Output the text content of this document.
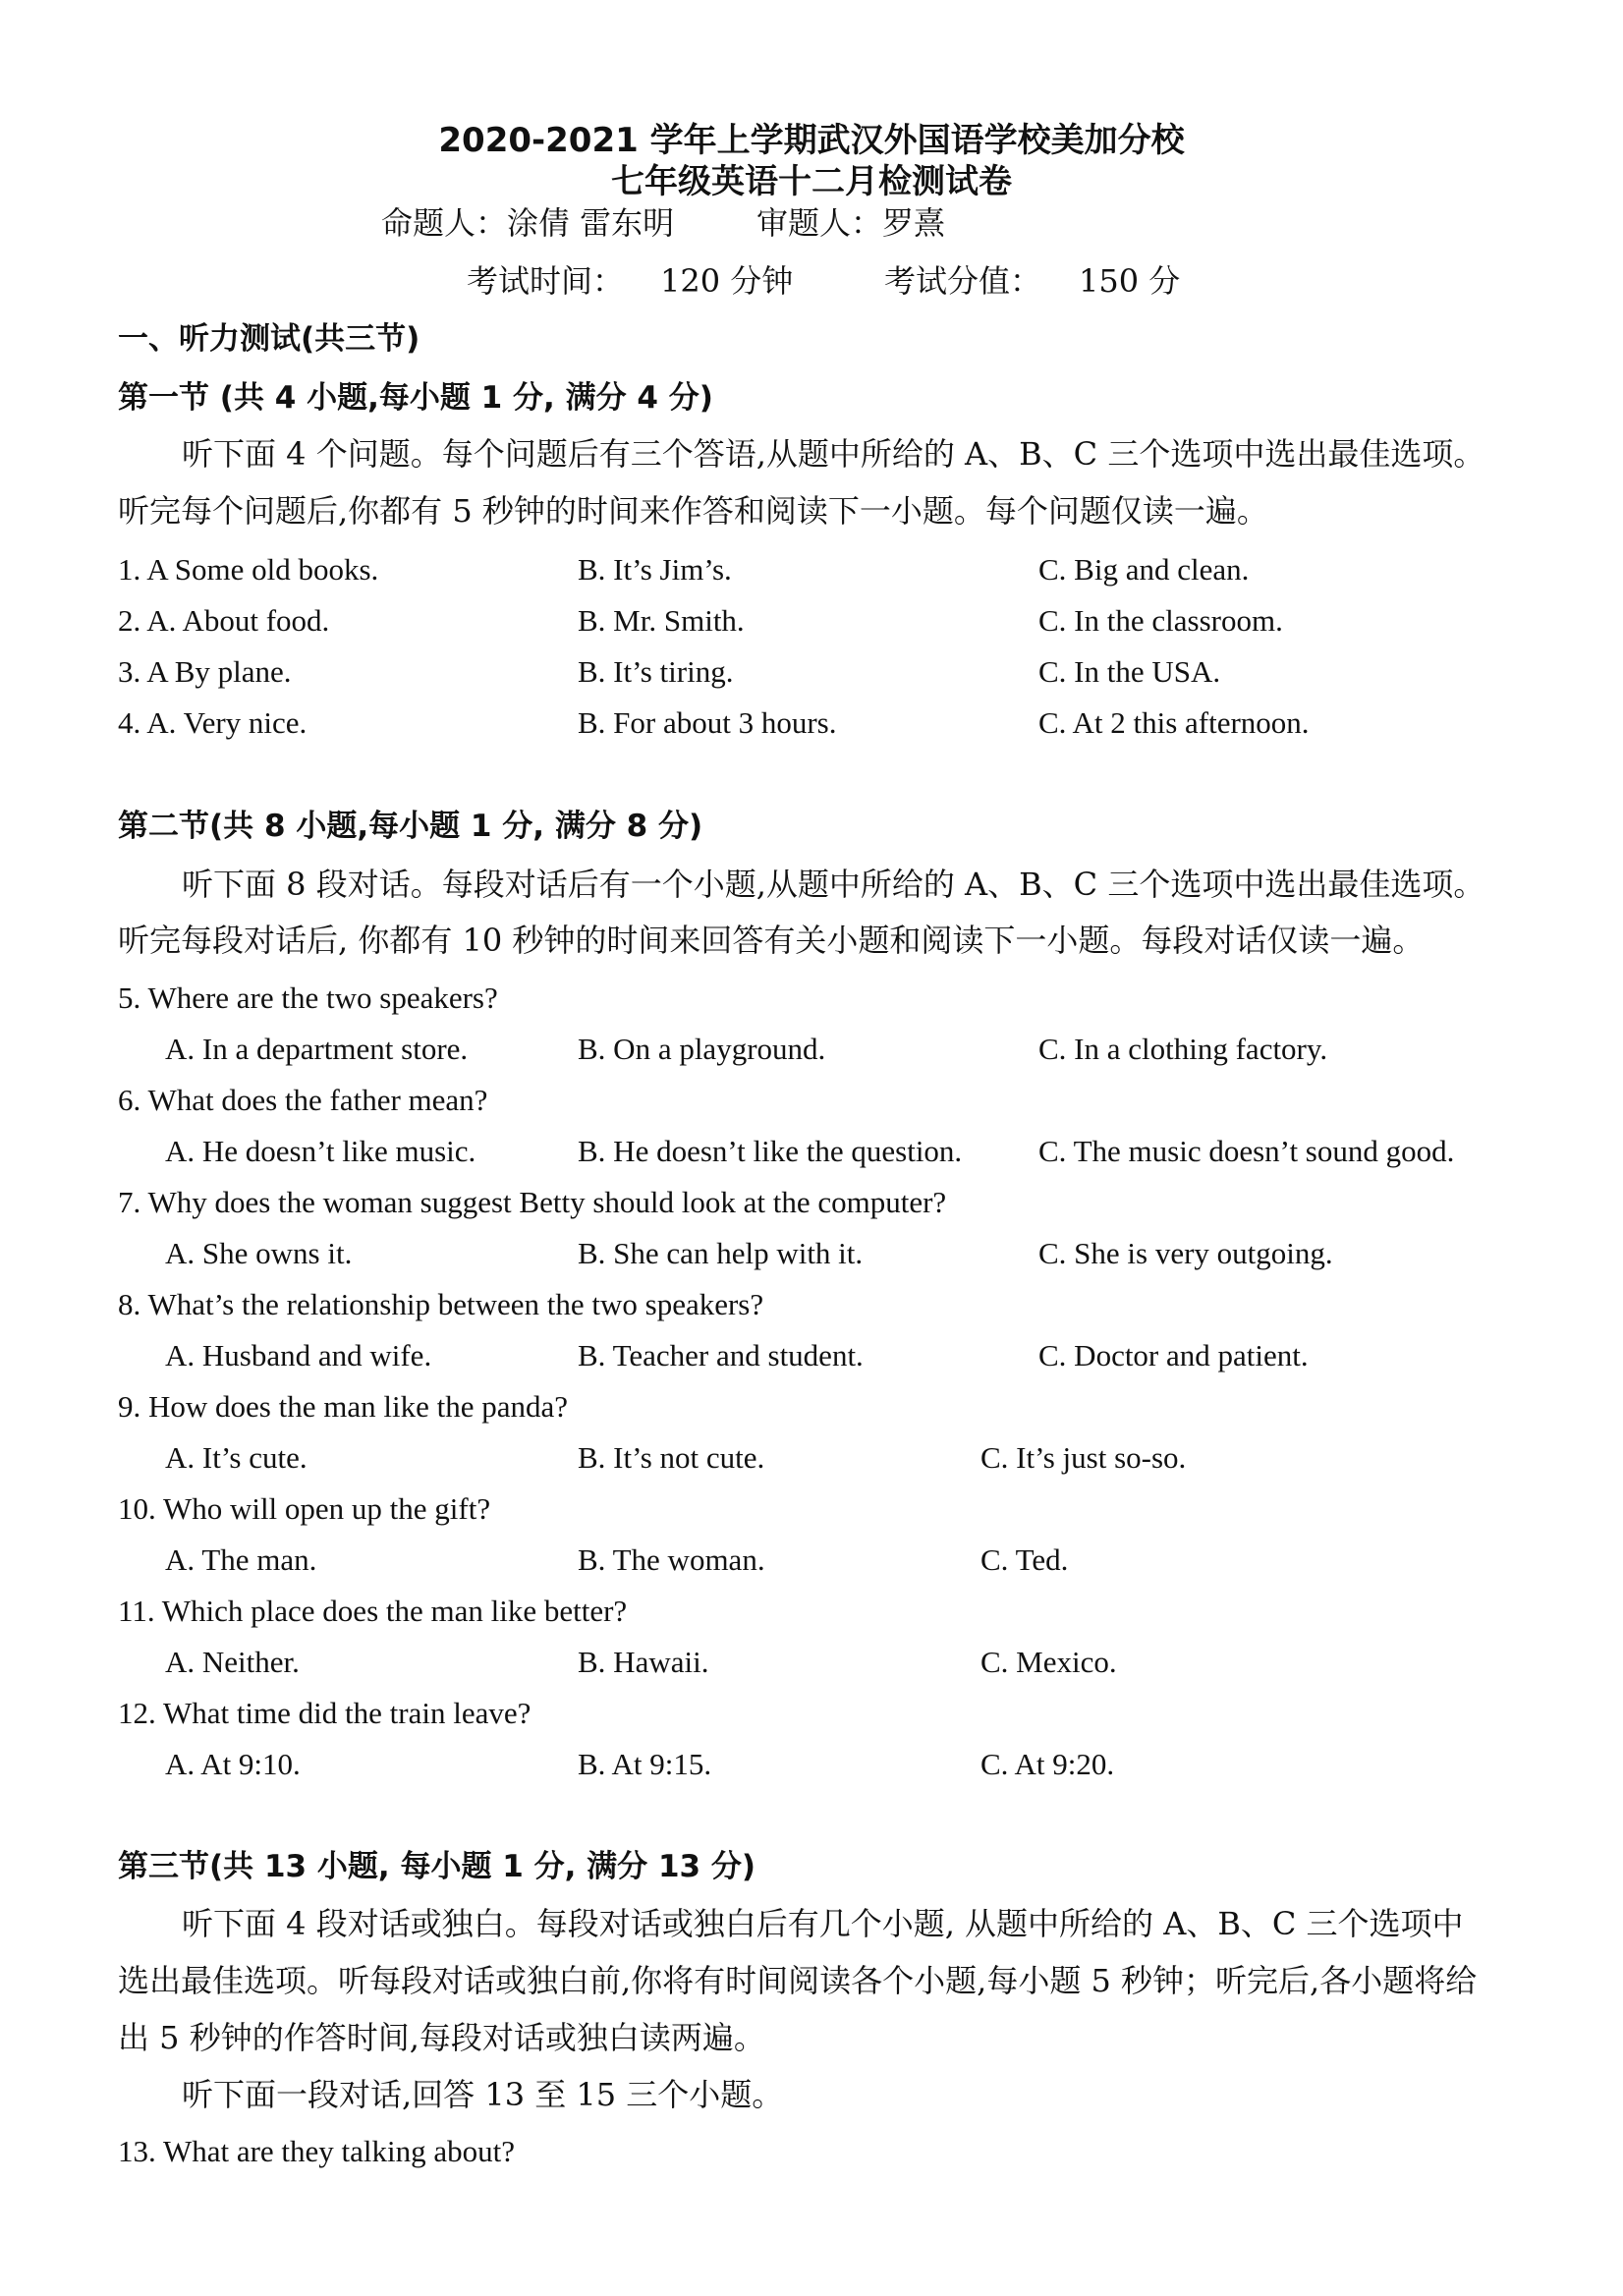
2020-2021 学年上学期武汉外国语学校美加分校
七年级英语十二月检测试卷
命题人：涂倩 雷东明	审题人：罗熹
考试时间： 120 分钟	考试分值： 150 分
一、听力测试(共三节)
第一节 (共 4 小题,每小题 1 分, 满分 4 分)
听下面 4 个问题。每个问题后有三个答语,从题中所给的 A、B、C 三个选项中选出最佳选项。
听完每个问题后,你都有 5 秒钟的时间来作答和阅读下一小题。每个问题仅读一遍。
1. A Some old books.	B. It’s Jim’s.	C. Big and clean.
2. A. About food.	B. Mr. Smith.	C. In the classroom.
3. A By plane.	B. It’s tiring.	C. In the USA.
4. A. Very nice.	B. For about 3 hours.	C. At 2 this afternoon.
第二节(共 8 小题,每小题 1 分, 满分 8 分)
听下面 8 段对话。每段对话后有一个小题,从题中所给的 A、B、C 三个选项中选出最佳选项。
听完每段对话后, 你都有 10 秒钟的时间来回答有关小题和阅读下一小题。每段对话仅读一遍。
5. Where are the two speakers?
A. In a department store.	B. On a playground.	C. In a clothing factory.
6. What does the father mean?
A. He doesn’t like music.	B. He doesn’t like the question.	C. The music doesn’t sound good.
7. Why does the woman suggest Betty should look at the computer?
A. She owns it.	B. She can help with it.	C. She is very outgoing.
8. What’s the relationship between the two speakers?
A. Husband and wife.	B. Teacher and student.	C. Doctor and patient.
9. How does the man like the panda?
A. It’s cute.	B. It’s not cute.	C. It’s just so-so.
10. Who will open up the gift?
A. The man.	B. The woman.	C. Ted.
11. Which place does the man like better?
A. Neither.	B. Hawaii.	C. Mexico.
12. What time did the train leave?
A. At 9:10.	B. At 9:15.	C. At 9:20.
第三节(共 13 小题, 每小题 1 分, 满分 13 分)
听下面 4 段对话或独白。每段对话或独白后有几个小题, 从题中所给的 A、B、C 三个选项中
选出最佳选项。听每段对话或独白前,你将有时间阅读各个小题,每小题 5 秒钟；听完后,各小题将给
出 5 秒钟的作答时间,每段对话或独白读两遍。
听下面一段对话,回答 13 至 15 三个小题。
13. What are they talking about?
